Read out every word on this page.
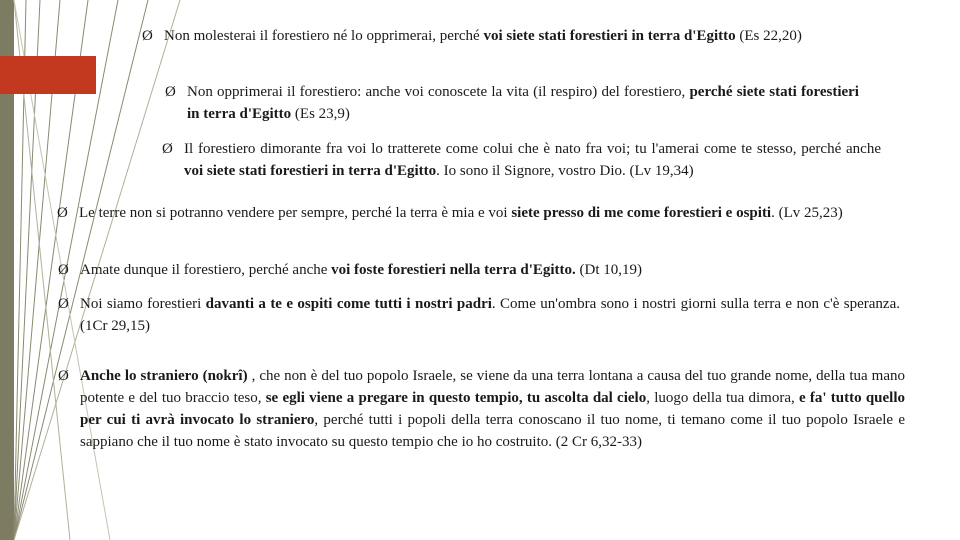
Ø Non molesterai il forestiero né lo opprimerai, perché voi siete stati forestieri in terra d'Egitto (Es 22,20)
Ø Non opprimerai il forestiero: anche voi conoscete la vita (il respiro) del forestiero, perché siete stati forestieri in terra d'Egitto (Es 23,9)
Ø Il forestiero dimorante fra voi lo tratterete come colui che è nato fra voi; tu l'amerai come te stesso, perché anche voi siete stati forestieri in terra d'Egitto. Io sono il Signore, vostro Dio. (Lv 19,34)
Ø Le terre non si potranno vendere per sempre, perché la terra è mia e voi siete presso di me come forestieri e ospiti. (Lv 25,23)
Ø Amate dunque il forestiero, perché anche voi foste forestieri nella terra d'Egitto. (Dt 10,19)
Ø Noi siamo forestieri davanti a te e ospiti come tutti i nostri padri. Come un'ombra sono i nostri giorni sulla terra e non c'è speranza. (1Cr 29,15)
Ø Anche lo straniero (nokrî) , che non è del tuo popolo Israele, se viene da una terra lontana a causa del tuo grande nome, della tua mano potente e del tuo braccio teso, se egli viene a pregare in questo tempio, tu ascolta dal cielo, luogo della tua dimora, e fa' tutto quello per cui ti avrà invocato lo straniero, perché tutti i popoli della terra conoscano il tuo nome, ti temano come il tuo popolo Israele e sappiano che il tuo nome è stato invocato su questo tempio che io ho costruito. (2 Cr 6,32-33)
